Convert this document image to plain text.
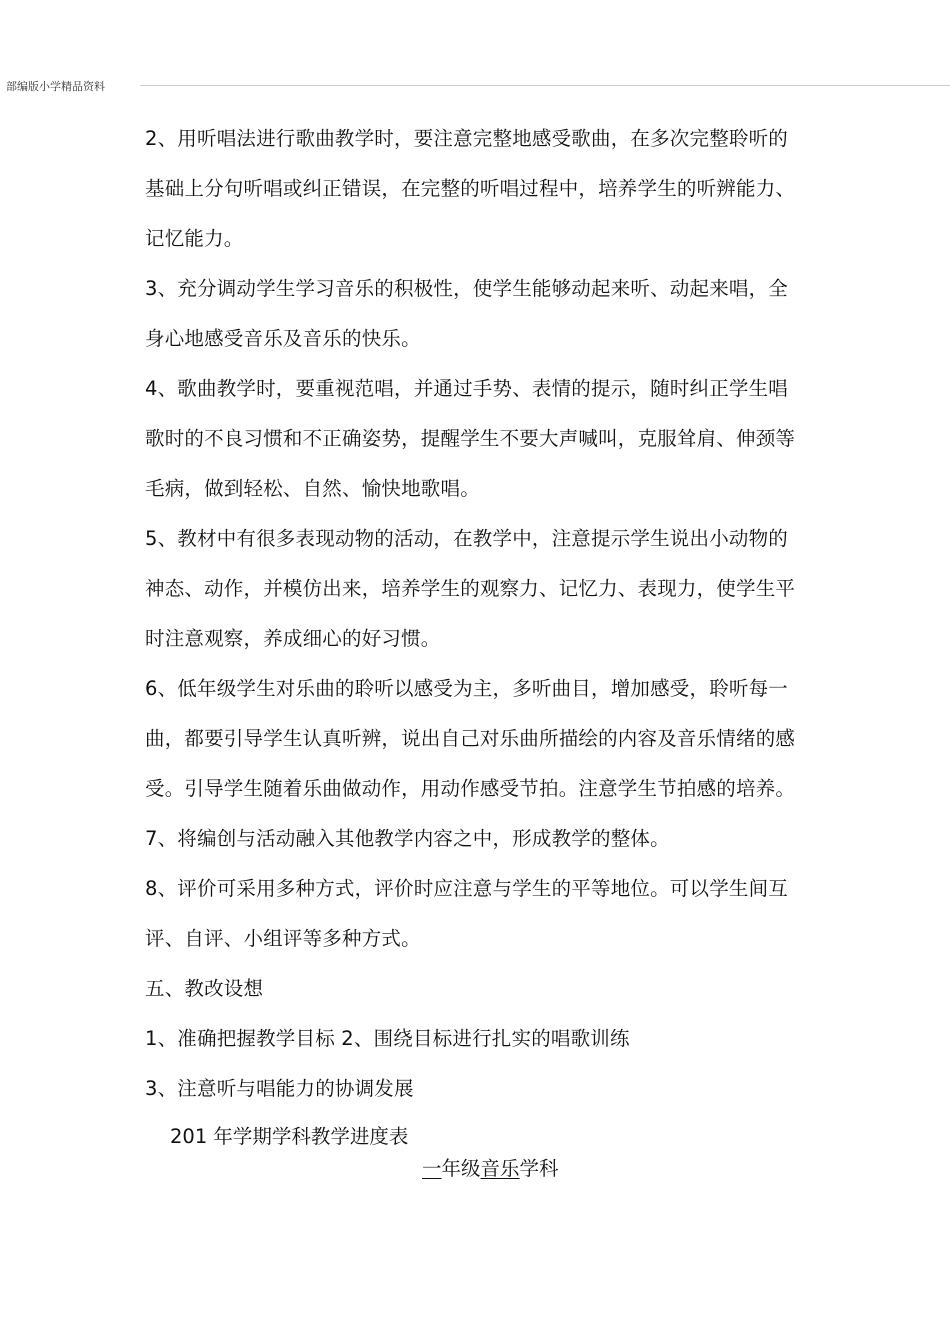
部编版小学精品资料
2、用听唱法进行歌曲教学时，要注意完整地感受歌曲，在多次完整聆听的
基础上分句听唱或纠正错误，在完整的听唱过程中，培养学生的听辨能力、
记忆能力。
3、充分调动学生学习音乐的积极性，使学生能够动起来听、动起来唱，全
身心地感受音乐及音乐的快乐。
4、歌曲教学时，要重视范唱，并通过手势、表情的提示，随时纠正学生唱
歌时的不良习惯和不正确姿势，提醒学生不要大声喊叫，克服耸肩、伸颈等
毛病，做到轻松、自然、愉快地歌唱。
5、教材中有很多表现动物的活动，在教学中，注意提示学生说出小动物的
神态、动作，并模仿出来，培养学生的观察力、记忆力、表现力，使学生平
时注意观察，养成细心的好习惯。
6、低年级学生对乐曲的聆听以感受为主，多听曲目，增加感受，聆听每一
曲，都要引导学生认真听辨，说出自己对乐曲所描绘的内容及音乐情绪的感
受。引导学生随着乐曲做动作，用动作感受节拍。注意学生节拍感的培养。
7、将编创与活动融入其他教学内容之中，形成教学的整体。
8、评价可采用多种方式，评价时应注意与学生的平等地位。可以学生间互
评、自评、小组评等多种方式。
五、教改设想
1、准确把握教学目标 2、围绕目标进行扎实的唱歌训练
3、注意听与唱能力的协调发展
201 年学期学科教学进度表
一年级音乐学科
